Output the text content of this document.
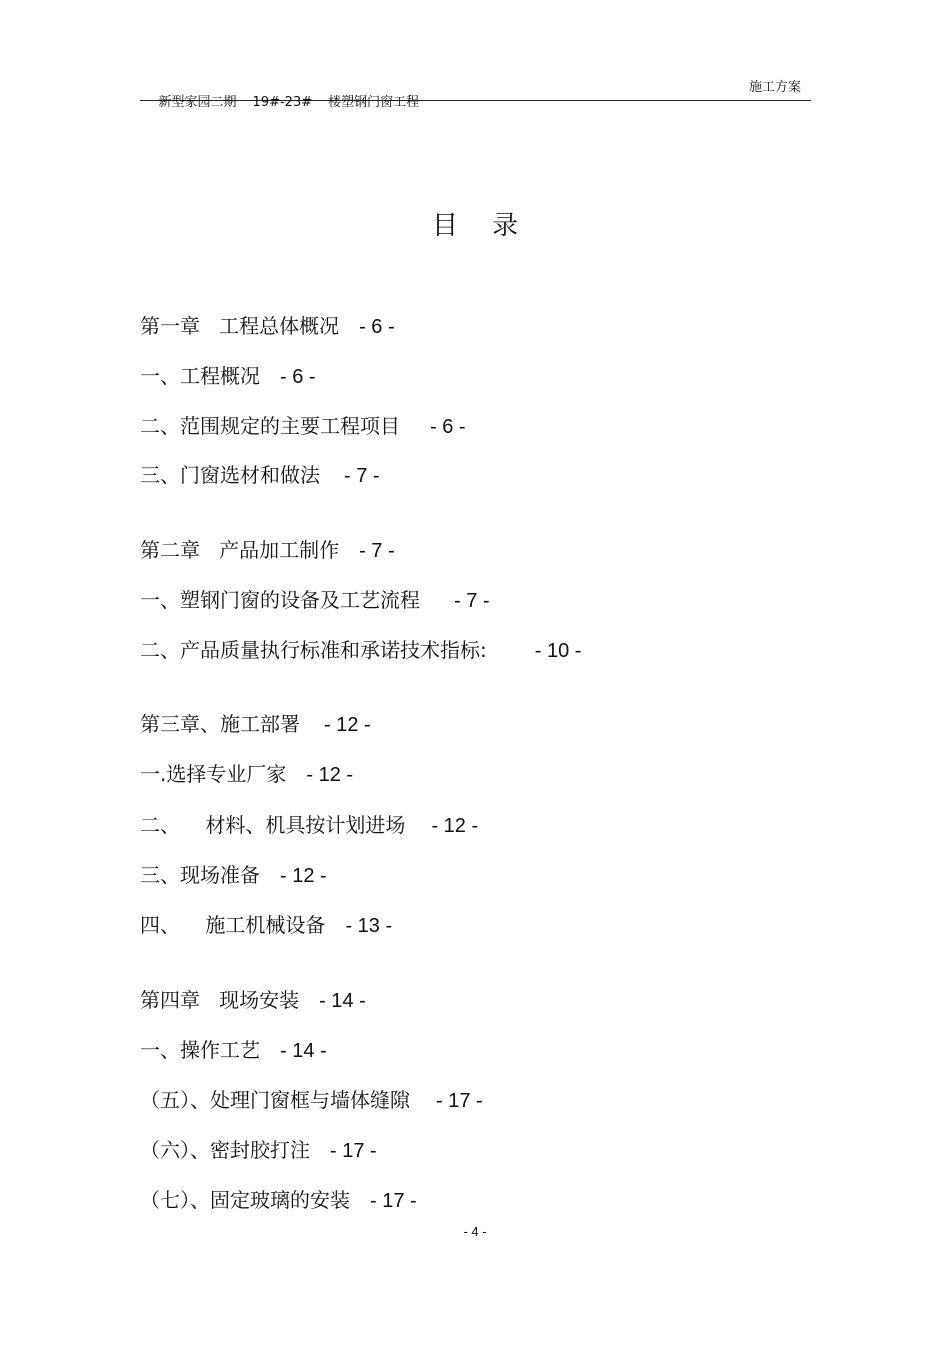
新型家园二期 19#-23# 楼塑钢门窗工程

施工方案
目录
第一章   工程总体概况 - 6 -
一、工程概况 - 6 -
二、范围规定的主要工程项目 - 6 -
三、门窗选材和做法 - 7 -
第二章   产品加工制作 - 7 -
一、塑钢门窗的设备及工艺流程 - 7 -
二、产品质量执行标准和承诺技术指标: - 10 -
第三章、施工部署 - 12 -
一.选择专业厂家 - 12 -
二、    材料、机具按计划进场 - 12 -
三、现场准备 - 12 -
四、    施工机械设备 - 13 -
第四章   现场安装 - 14 -
一、操作工艺 - 14 -
（五）、处理门窗框与墙体缝隙 - 17 -
（六）、密封胶打注 - 17 -
（七）、固定玻璃的安装 - 17 -
- 4 -
